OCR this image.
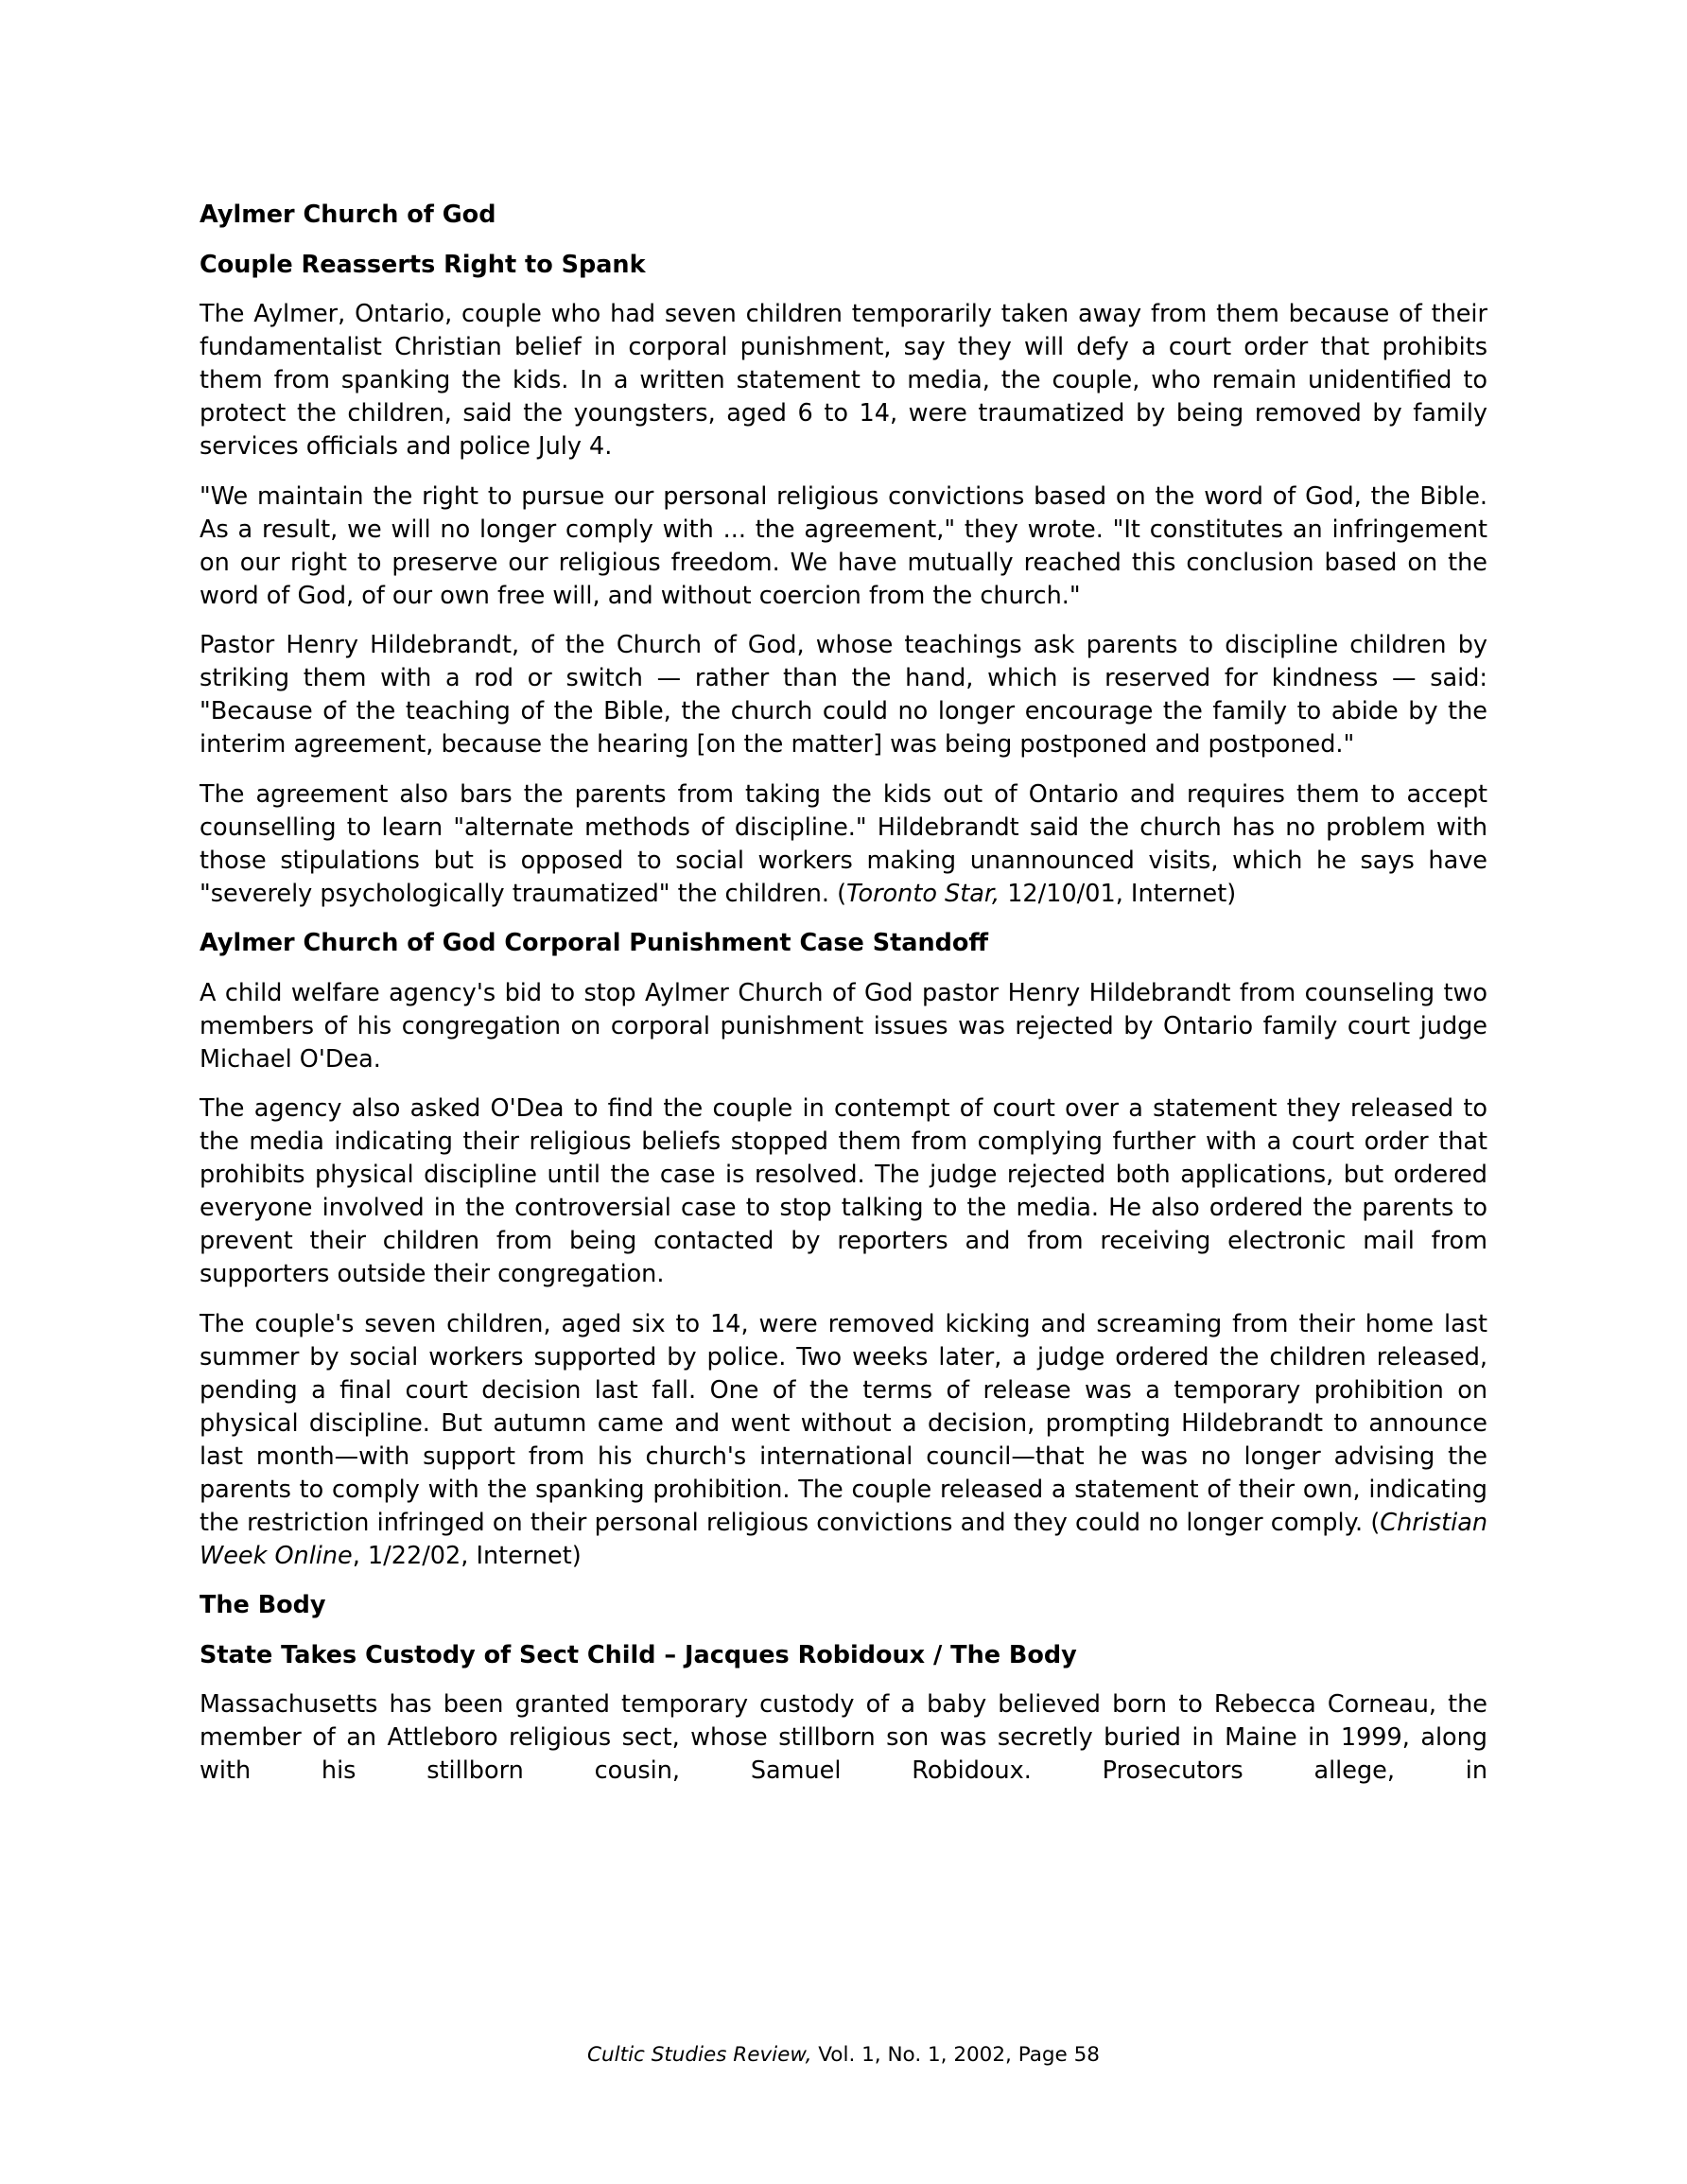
Aylmer Church of God
Couple Reasserts Right to Spank

The Aylmer, Ontario, couple who had seven children temporarily taken away from them because of their fundamentalist Christian belief in corporal punishment, say they will defy a court order that prohibits them from spanking the kids. In a written statement to media, the couple, who remain unidentified to protect the children, said the youngsters, aged 6 to 14, were traumatized by being removed by family services officials and police July 4.

"We maintain the right to pursue our personal religious convictions based on the word of God, the Bible. As a result, we will no longer comply with ... the agreement," they wrote. "It constitutes an infringement on our right to preserve our religious freedom. We have mutually reached this conclusion based on the word of God, of our own free will, and without coercion from the church."

Pastor Henry Hildebrandt, of the Church of God, whose teachings ask parents to discipline children by striking them with a rod or switch — rather than the hand, which is reserved for kindness — said: "Because of the teaching of the Bible, the church could no longer encourage the family to abide by the interim agreement, because the hearing [on the matter] was being postponed and postponed."

The agreement also bars the parents from taking the kids out of Ontario and requires them to accept counselling to learn "alternate methods of discipline." Hildebrandt said the church has no problem with those stipulations but is opposed to social workers making unannounced visits, which he says have "severely psychologically traumatized" the children. (Toronto Star, 12/10/01, Internet)

Aylmer Church of God Corporal Punishment Case Standoff

A child welfare agency's bid to stop Aylmer Church of God pastor Henry Hildebrandt from counseling two members of his congregation on corporal punishment issues was rejected by Ontario family court judge Michael O'Dea.

The agency also asked O'Dea to find the couple in contempt of court over a statement they released to the media indicating their religious beliefs stopped them from complying further with a court order that prohibits physical discipline until the case is resolved. The judge rejected both applications, but ordered everyone involved in the controversial case to stop talking to the media. He also ordered the parents to prevent their children from being contacted by reporters and from receiving electronic mail from supporters outside their congregation.

The couple's seven children, aged six to 14, were removed kicking and screaming from their home last summer by social workers supported by police. Two weeks later, a judge ordered the children released, pending a final court decision last fall. One of the terms of release was a temporary prohibition on physical discipline. But autumn came and went without a decision, prompting Hildebrandt to announce last month—with support from his church's international council—that he was no longer advising the parents to comply with the spanking prohibition. The couple released a statement of their own, indicating the restriction infringed on their personal religious convictions and they could no longer comply. (Christian Week Online, 1/22/02, Internet)

The Body
State Takes Custody of Sect Child – Jacques Robidoux / The Body

Massachusetts has been granted temporary custody of a baby believed born to Rebecca Corneau, the member of an Attleboro religious sect, whose stillborn son was secretly buried in Maine in 1999, along with his stillborn cousin, Samuel Robidoux. Prosecutors allege, in

Cultic Studies Review, Vol. 1, No. 1, 2002, Page 58
